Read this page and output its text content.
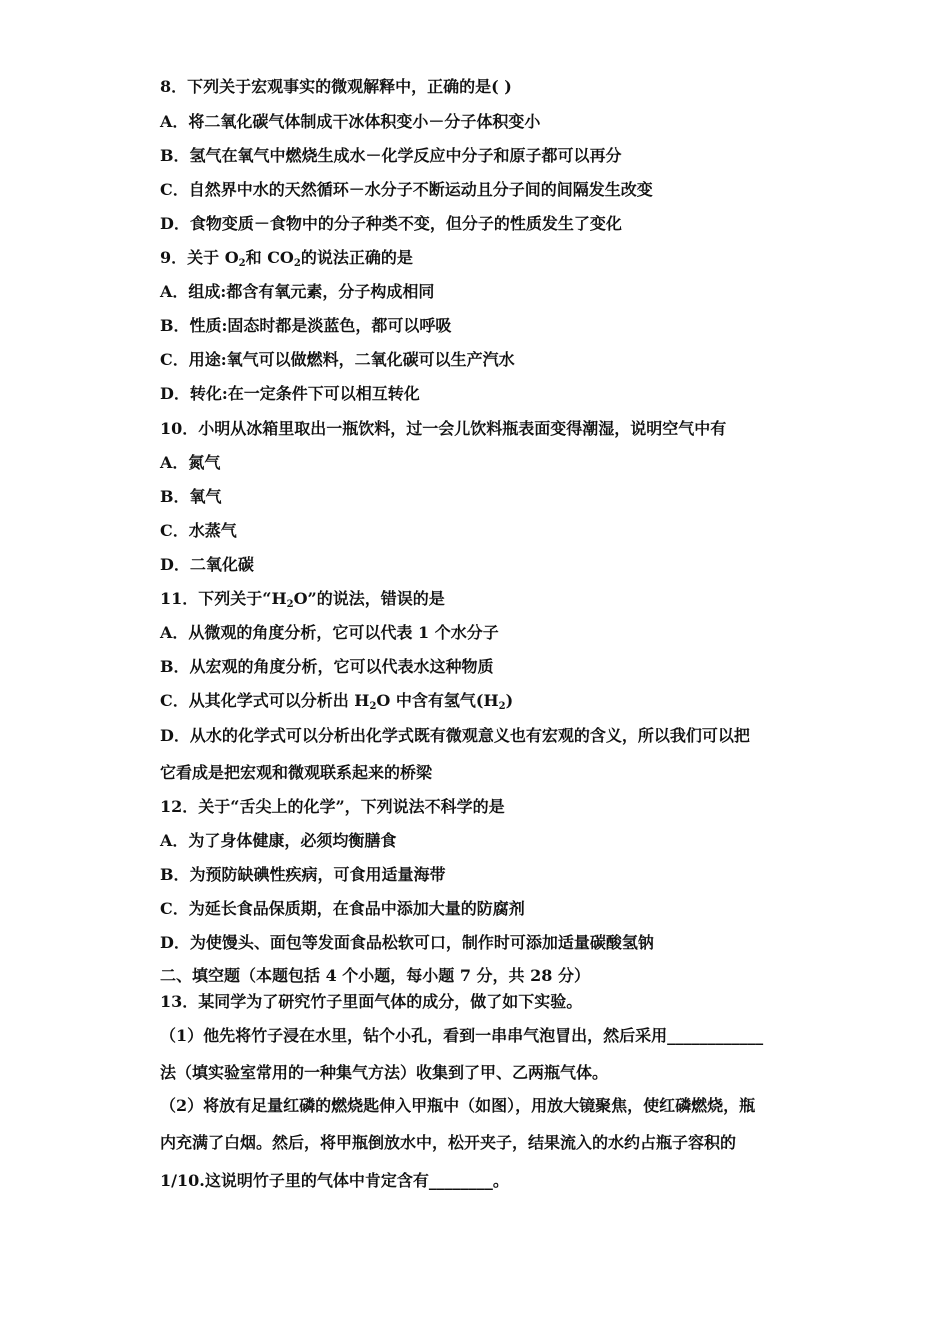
8．下列关于宏观事实的微观解释中，正确的是( )
A．将二氧化碳气体制成干冰体积变小－分子体积变小
B．氢气在氧气中燃烧生成水－化学反应中分子和原子都可以再分
C．自然界中水的天然循环－水分子不断运动且分子间的间隔发生改变
D．食物变质－食物中的分子种类不变，但分子的性质发生了变化
9．关于 $O_2$和 $CO_2$的说法正确的是
A．组成:都含有氧元素，分子构成相同
B．性质:固态时都是淡蓝色，都可以呼吸
C．用途:氧气可以做燃料，二氧化碳可以生产汽水
D．转化:在一定条件下可以相互转化
10．小明从冰箱里取出一瓶饮料，过一会儿饮料瓶表面变得潮湿，说明空气中有
A．氮气
B．氧气
C．水蒸气
D．二氧化碳
11．下列关于“$H_2O$”的说法，错误的是
A．从微观的角度分析，它可以代表 1 个水分子
B．从宏观的角度分析，它可以代表水这种物质
C．从其化学式可以分析出 $H_2O$ 中含有氢气$(H_2)$
D．从水的化学式可以分析出化学式既有微观意义也有宏观的含义，所以我们可以把
它看成是把宏观和微观联系起来的桥梁
12．关于“舌尖上的化学”，下列说法不科学的是
A．为了身体健康，必须均衡膳食
B．为预防缺碘性疾病，可食用适量海带
C．为延长食品保质期，在食品中添加大量的防腐剂
D．为使馒头、面包等发面食品松软可口，制作时可添加适量碳酸氢钠
二、填空题（本题包括 4 个小题，每小题 7 分，共 28 分）
13．某同学为了研究竹子里面气体的成分，做了如下实验。
（1）他先将竹子浸在水里，钻个小孔，看到一串串气泡冒出，然后采用____________
法（填实验室常用的一种集气方法）收集到了甲、乙两瓶气体。
（2）将放有足量红磷的燃烧匙伸入甲瓶中（如图），用放大镜聚焦，使红磷燃烧，瓶
内充满了白烟。然后，将甲瓶倒放水中，松开夹子，结果流入的水约占瓶子容积的
1/10.这说明竹子里的气体中肯定含有________。
